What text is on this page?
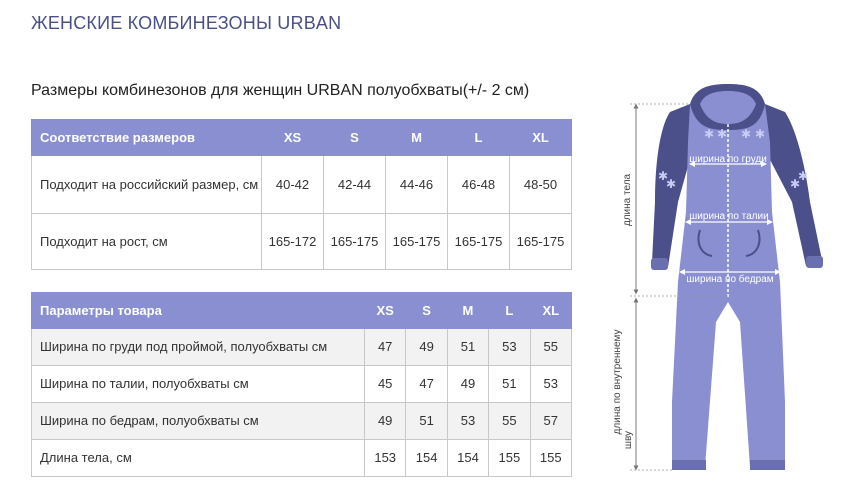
ЖЕНСКИЕ КОМБИНЕЗОНЫ URBAN
Размеры комбинезонов для женщин URBAN полуобхваты(+/- 2 см)
Соответствие размеров	XS	S	M	L	XL
Подходит на российский размер, см	40-42	42-44	44-46	46-48	48-50
Подходит на рост, см	165-172	165-175	165-175	165-175	165-175
Параметры товара	XS	S	M	L	XL
Ширина по груди под проймой, полуобхваты см	47	49	51	53	55
Ширина по талии, полуобхваты см	45	47	49	51	53
Ширина по бедрам, полуобхваты см	49	51	53	55	57
Длина тела, см	153	154	154	155	155
✱ ✱ ✱ ✱
✱
✱
✱
✱
ширина по груди
ширина по талии
ширина по бедрам
длина тела
длина по внутреннему
шву
